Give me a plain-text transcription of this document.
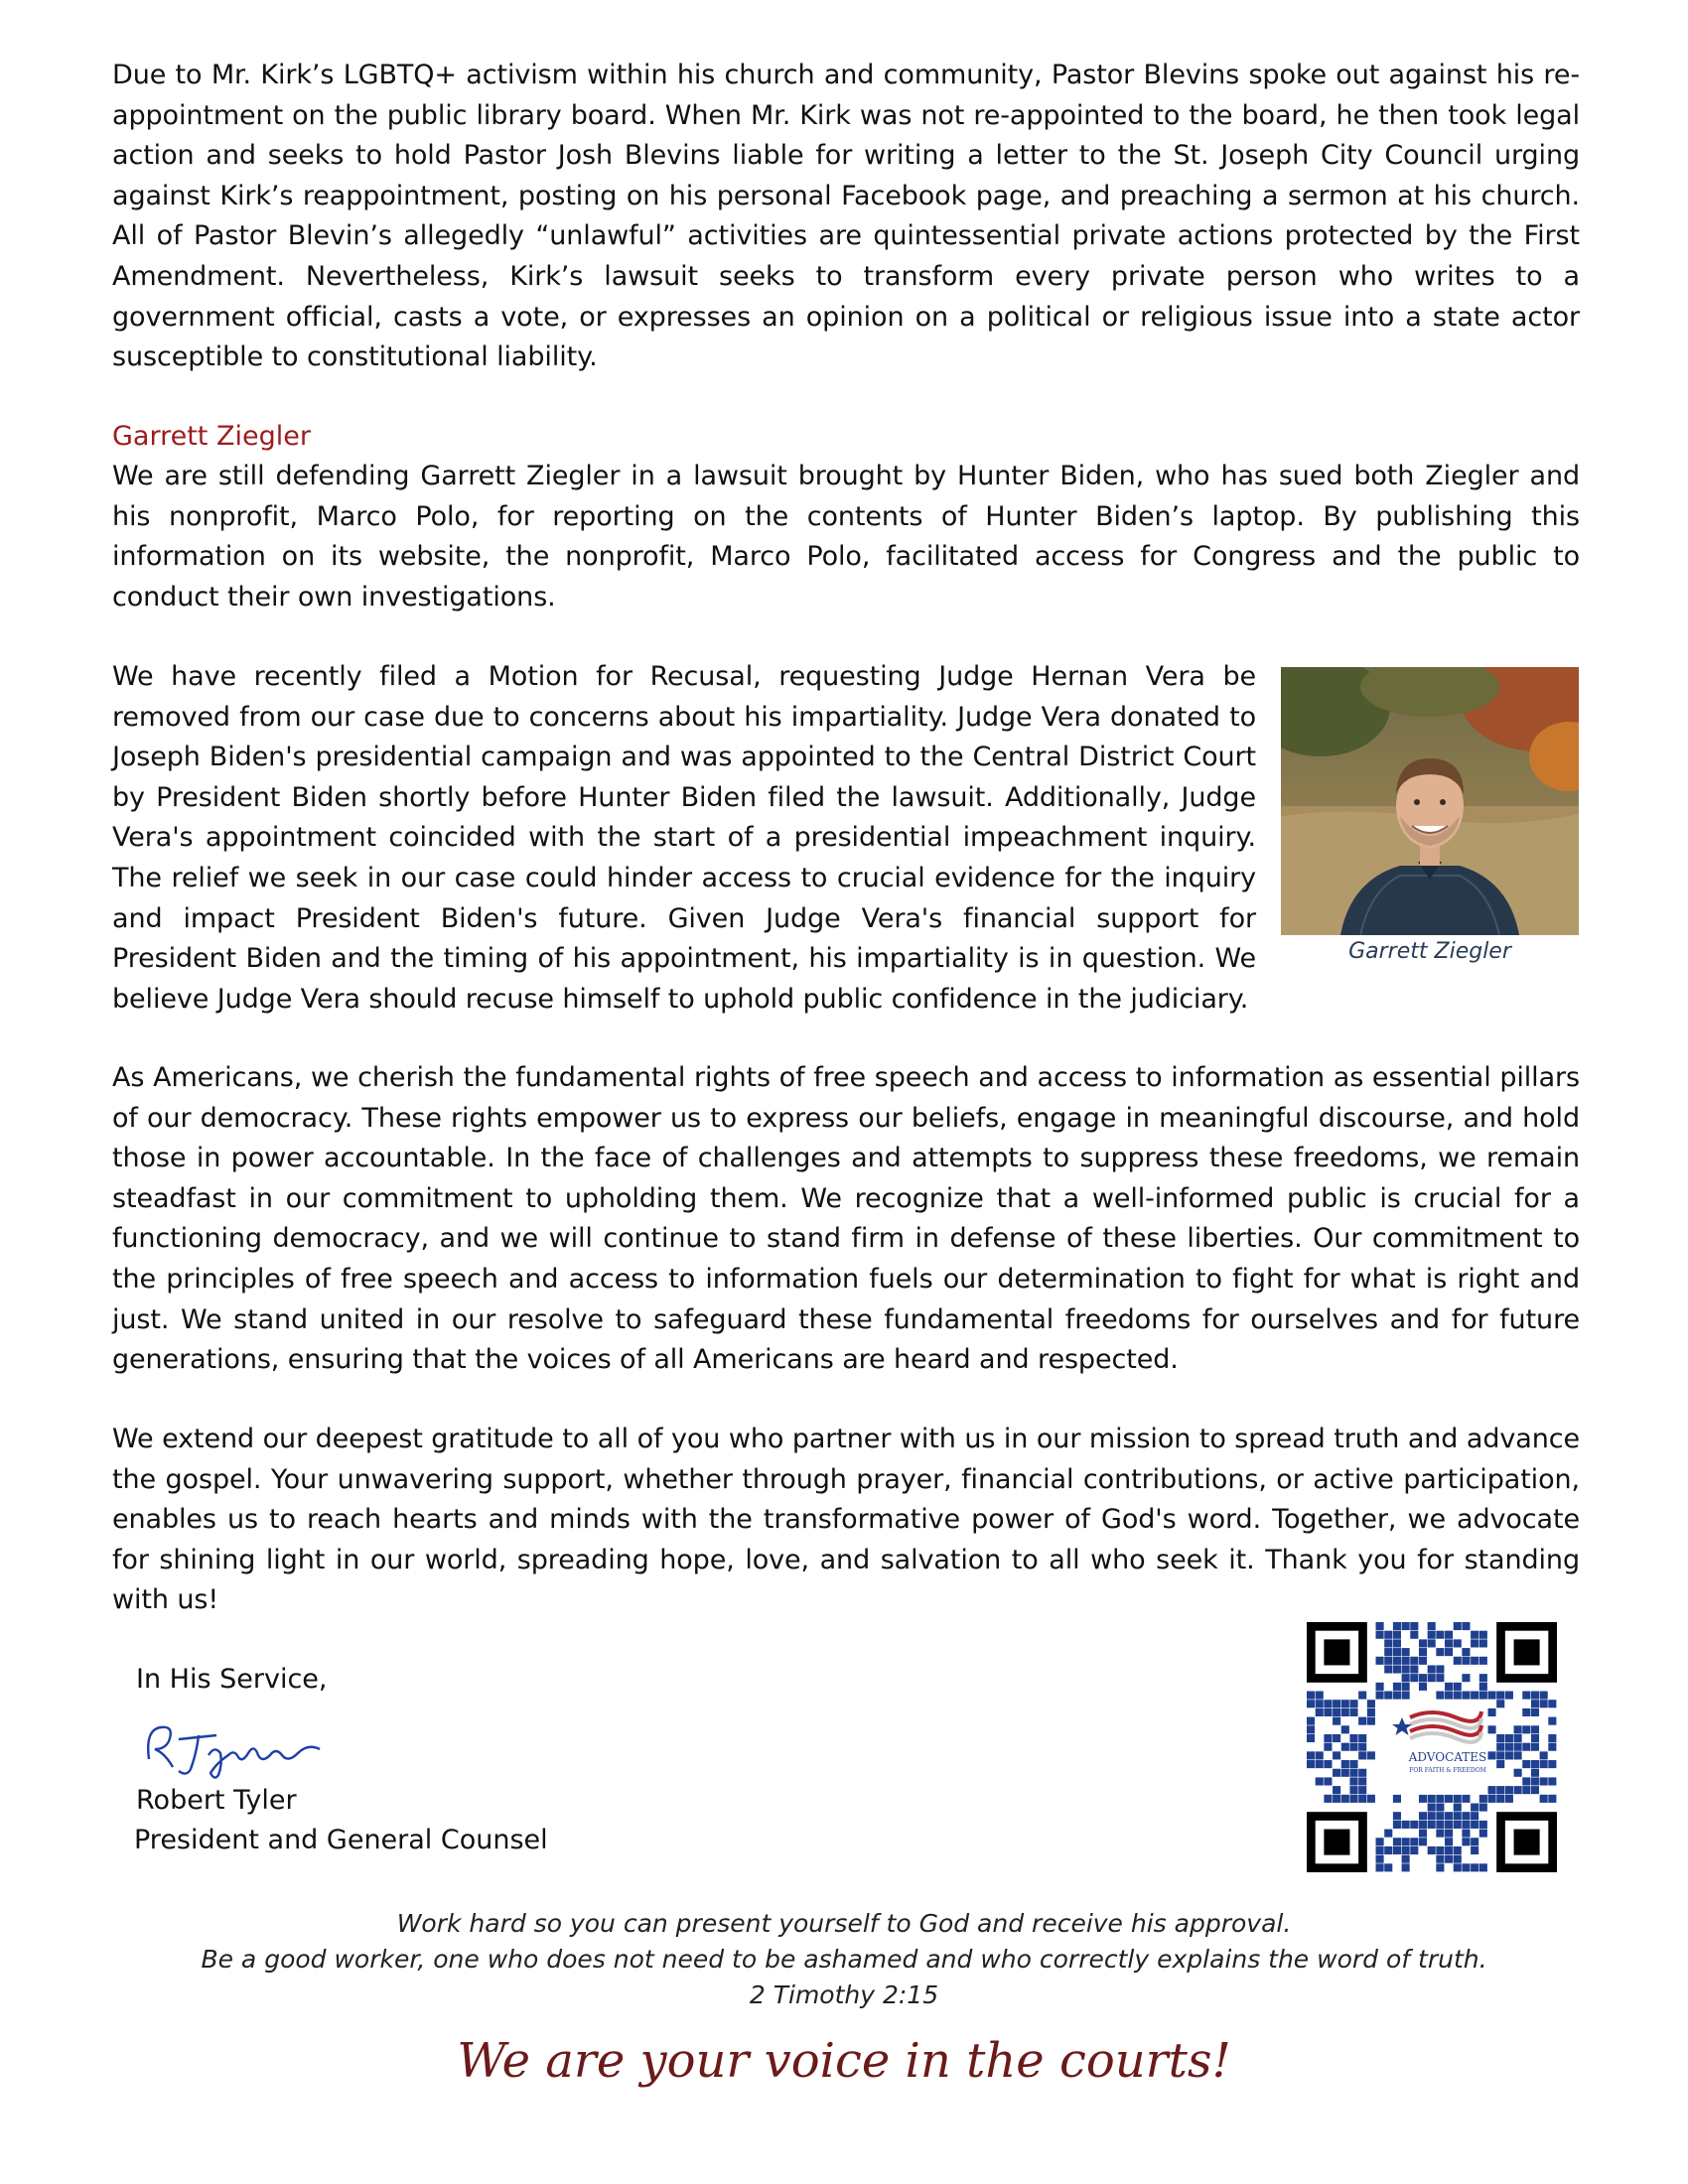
Due to Mr. Kirk’s LGBTQ+ activism within his church and community, Pastor Blevins spoke out against his re-appointment on the public library board. When Mr. Kirk was not re-appointed to the board, he then took legal action and seeks to hold Pastor Josh Blevins liable for writing a letter to the St. Joseph City Council urging against Kirk’s reappointment, posting on his personal Facebook page, and preaching a sermon at his church. All of Pastor Blevin’s allegedly “unlawful” activities are quintessential private actions protected by the First Amendment. Nevertheless, Kirk’s lawsuit seeks to transform every private person who writes to a government official, casts a vote, or expresses an opinion on a political or religious issue into a state actor susceptible to constitutional liability.

Garrett Ziegler

We are still defending Garrett Ziegler in a lawsuit brought by Hunter Biden, who has sued both Ziegler and his nonprofit, Marco Polo, for reporting on the contents of Hunter Biden’s laptop. By publishing this information on its website, the nonprofit, Marco Polo, facilitated access for Congress and the public to conduct their own investigations.

We have recently filed a Motion for Recusal, requesting Judge Hernan Vera be removed from our case due to concerns about his impartiality. Judge Vera donated to Joseph Biden's presidential campaign and was appointed to the Central District Court by President Biden shortly before Hunter Biden filed the lawsuit. Additionally, Judge Vera's appointment coincided with the start of a presidential impeachment inquiry. The relief we seek in our case could hinder access to crucial evidence for the inquiry and impact President Biden's future. Given Judge Vera's financial support for President Biden and the timing of his appointment, his impartiality is in question. We believe Judge Vera should recuse himself to uphold public confidence in the judiciary.

Garrett Ziegler

As Americans, we cherish the fundamental rights of free speech and access to information as essential pillars of our democracy. These rights empower us to express our beliefs, engage in meaningful discourse, and hold those in power accountable. In the face of challenges and attempts to suppress these freedoms, we remain steadfast in our commitment to upholding them. We recognize that a well-informed public is crucial for a functioning democracy, and we will continue to stand firm in defense of these liberties. Our commitment to the principles of free speech and access to information fuels our determination to fight for what is right and just. We stand united in our resolve to safeguard these fundamental freedoms for ourselves and for future generations, ensuring that the voices of all Americans are heard and respected.

We extend our deepest gratitude to all of you who partner with us in our mission to spread truth and advance the gospel. Your unwavering support, whether through prayer, financial contributions, or active participation, enables us to reach hearts and minds with the transformative power of God's word. Together, we advocate for shining light in our world, spreading hope, love, and salvation to all who seek it. Thank you for standing with us!

In His Service,
Robert Tyler
President and General Counsel
ADVOCATES
FOR FAITH & FREEDOM
Work hard so you can present yourself to God and receive his approval.
Be a good worker, one who does not need to be ashamed and who correctly explains the word of truth.
2 Timothy 2:15
We are your voice in the courts!
